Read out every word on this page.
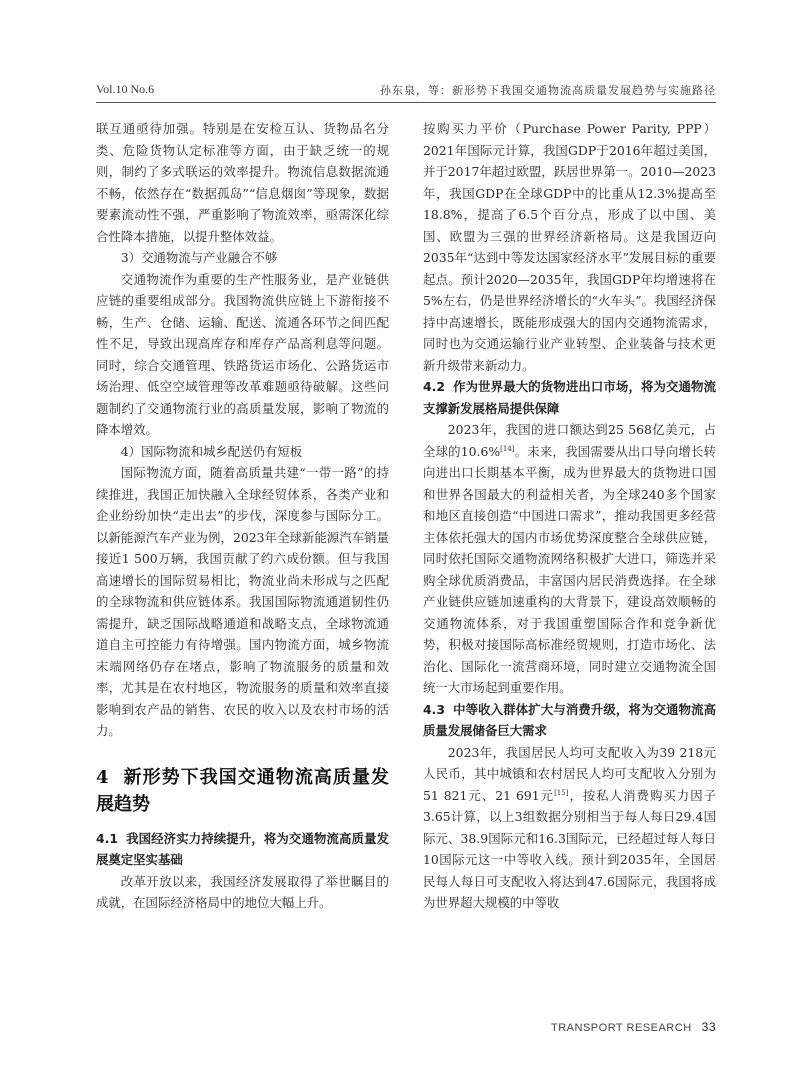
Vol.10 No.6	孙东泉，等：新形势下我国交通物流高质量发展趋势与实施路径

联互通亟待加强。特别是在安检互认、货物品名分类、危险货物认定标准等方面，由于缺乏统一的规则，制约了多式联运的效率提升。物流信息数据流通不畅，依然存在“数据孤岛”“信息烟囱”等现象，数据要素流动性不强，严重影响了物流效率，亟需深化综合性降本措施，以提升整体效益。

3）交通物流与产业融合不够

交通物流作为重要的生产性服务业，是产业链供应链的重要组成部分。我国物流供应链上下游衔接不畅，生产、仓储、运输、配送、流通各环节之间匹配性不足，导致出现高库存和库存产品高利息等问题。同时，综合交通管理、铁路货运市场化、公路货运市场治理、低空空域管理等改革难题亟待破解。这些问题制约了交通物流行业的高质量发展，影响了物流的降本增效。

4）国际物流和城乡配送仍有短板

国际物流方面，随着高质量共建“一带一路”的持续推进，我国正加快融入全球经贸体系，各类产业和企业纷纷加快“走出去”的步伐，深度参与国际分工。以新能源汽车产业为例，2023年全球新能源汽车销量接近1 500万辆，我国贡献了约六成份额。但与我国高速增长的国际贸易相比，物流业尚未形成与之匹配的全球物流和供应链体系。我国国际物流通道韧性仍需提升，缺乏国际战略通道和战略支点，全球物流通道自主可控能力有待增强。国内物流方面，城乡物流末端网络仍存在堵点，影响了物流服务的质量和效率，尤其是在农村地区，物流服务的质量和效率直接影响到农产品的销售、农民的收入以及农村市场的活力。

4 新形势下我国交通物流高质量发展趋势
4.1 我国经济实力持续提升，将为交通物流高质量发展奠定坚实基础

改革开放以来，我国经济发展取得了举世瞩目的成就，在国际经济格局中的地位大幅上升。

按购买力平价（Purchase Power Parity, PPP）2021年国际元计算，我国GDP于2016年超过美国，并于2017年超过欧盟，跃居世界第一。2010—2023年，我国GDP在全球GDP中的比重从12.3%提高至18.8%，提高了6.5个百分点，形成了以中国、美国、欧盟为三强的世界经济新格局。这是我国迈向2035年“达到中等发达国家经济水平”发展目标的重要起点。预计2020—2035年，我国GDP年均增速将在5%左右，仍是世界经济增长的“火车头”。我国经济保持中高速增长，既能形成强大的国内交通物流需求，同时也为交通运输行业产业转型、企业装备与技术更新升级带来新动力。

4.2 作为世界最大的货物进出口市场，将为交通物流支撑新发展格局提供保障

2023年，我国的进口额达到25 568亿美元，占全球的10.6%[14]。未来，我国需要从出口导向增长转向进出口长期基本平衡，成为世界最大的货物进口国和世界各国最大的利益相关者，为全球240多个国家和地区直接创造“中国进口需求”，推动我国更多经营主体依托强大的国内市场优势深度整合全球供应链，同时依托国际交通物流网络积极扩大进口，筛选并采购全球优质消费品，丰富国内居民消费选择。在全球产业链供应链加速重构的大背景下，建设高效顺畅的交通物流体系，对于我国重塑国际合作和竞争新优势，积极对接国际高标准经贸规则，打造市场化、法治化、国际化一流营商环境，同时建立交通物流全国统一大市场起到重要作用。

4.3 中等收入群体扩大与消费升级，将为交通物流高质量发展储备巨大需求

2023年，我国居民人均可支配收入为39 218元人民币，其中城镇和农村居民人均可支配收入分别为51 821元、21 691元[15]，按私人消费购买力因子3.65计算，以上3组数据分别相当于每人每日29.4国际元、38.9国际元和16.3国际元，已经超过每人每日10国际元这一中等收入线。预计到2035年，全国居民每人每日可支配收入将达到47.6国际元，我国将成为世界超大规模的中等收

TRANSPORT RESEARCH 33
